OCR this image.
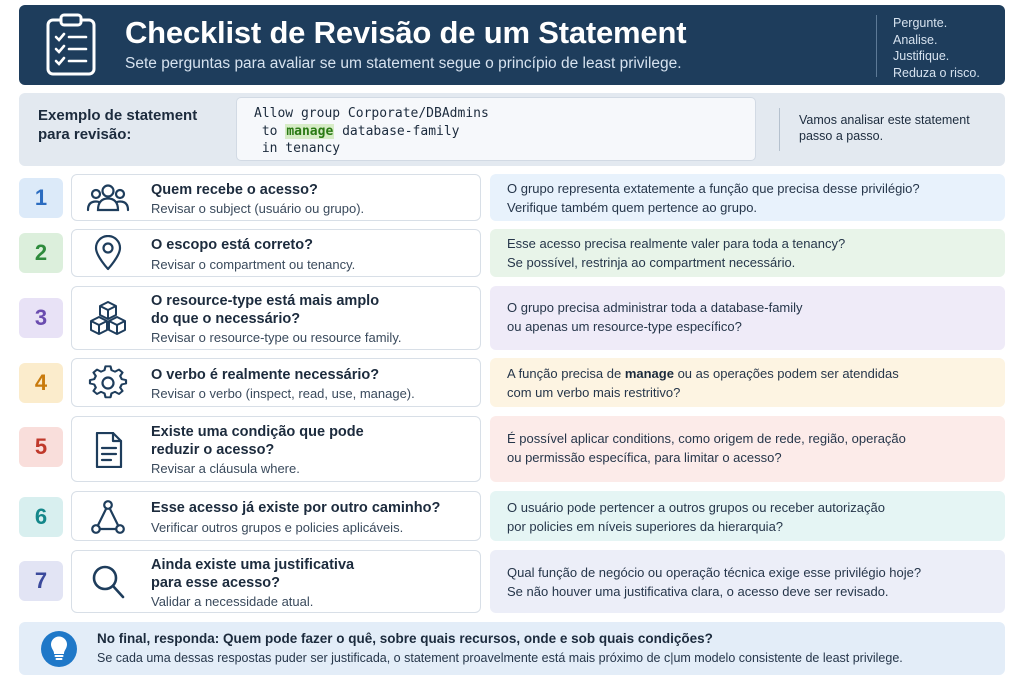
Checklist de Revisão de um Statement
Sete perguntas para avaliar se um statement segue o princípio de least privilege.
Pergunte.
Analise.
Justifique.
Reduza o risco.
Exemplo de statement
para revisão:
Allow group Corporate/DBAdmins
to manage database-family
in tenancy
Vamos analisar este statement
passo a passo.
1	Quem recebe o acesso?
Revisar o subject (usuário ou grupo).
O grupo representa extatemente a função que precisa desse privilégio?
Verifique também quem pertence ao grupo.
2	O escopo está correto?
Revisar o compartment ou tenancy.
Esse acesso precisa realmente valer para toda a tenancy?
Se possível, restrinja ao compartment necessário.
3
O resource-type está mais amplo
do que o necessário?
Revisar o resource-type ou resource family.
O grupo precisa administrar toda a database-family
ou apenas um resource-type específico?
4	O verbo é realmente necessário?
Revisar o verbo (inspect, read, use, manage).
A função precisa de manage ou as operações podem ser atendidas
com um verbo mais restritivo?
5
Existe uma condição que pode
reduzir o acesso?
Revisar a cláusula where.
É possível aplicar conditions, como origem de rede, região, operação
ou permissão específica, para limitar o acesso?
6	Esse acesso já existe por outro caminho?
Verificar outros grupos e policies aplicáveis.
O usuário pode pertencer a outros grupos ou receber autorização
por policies em níveis superiores da hierarquia?
7
Ainda existe uma justificativa
para esse acesso?
Validar a necessidade atual.
Qual função de negócio ou operação técnica exige esse privilégio hoje?
Se não houver uma justificativa clara, o acesso deve ser revisado.
No final, responda: Quem pode fazer o quê, sobre quais recursos, onde e sob quais condições?
Se cada uma dessas respostas puder ser justificada, o statement proavelmente está mais próximo de c|um modelo consistente de least privilege.
